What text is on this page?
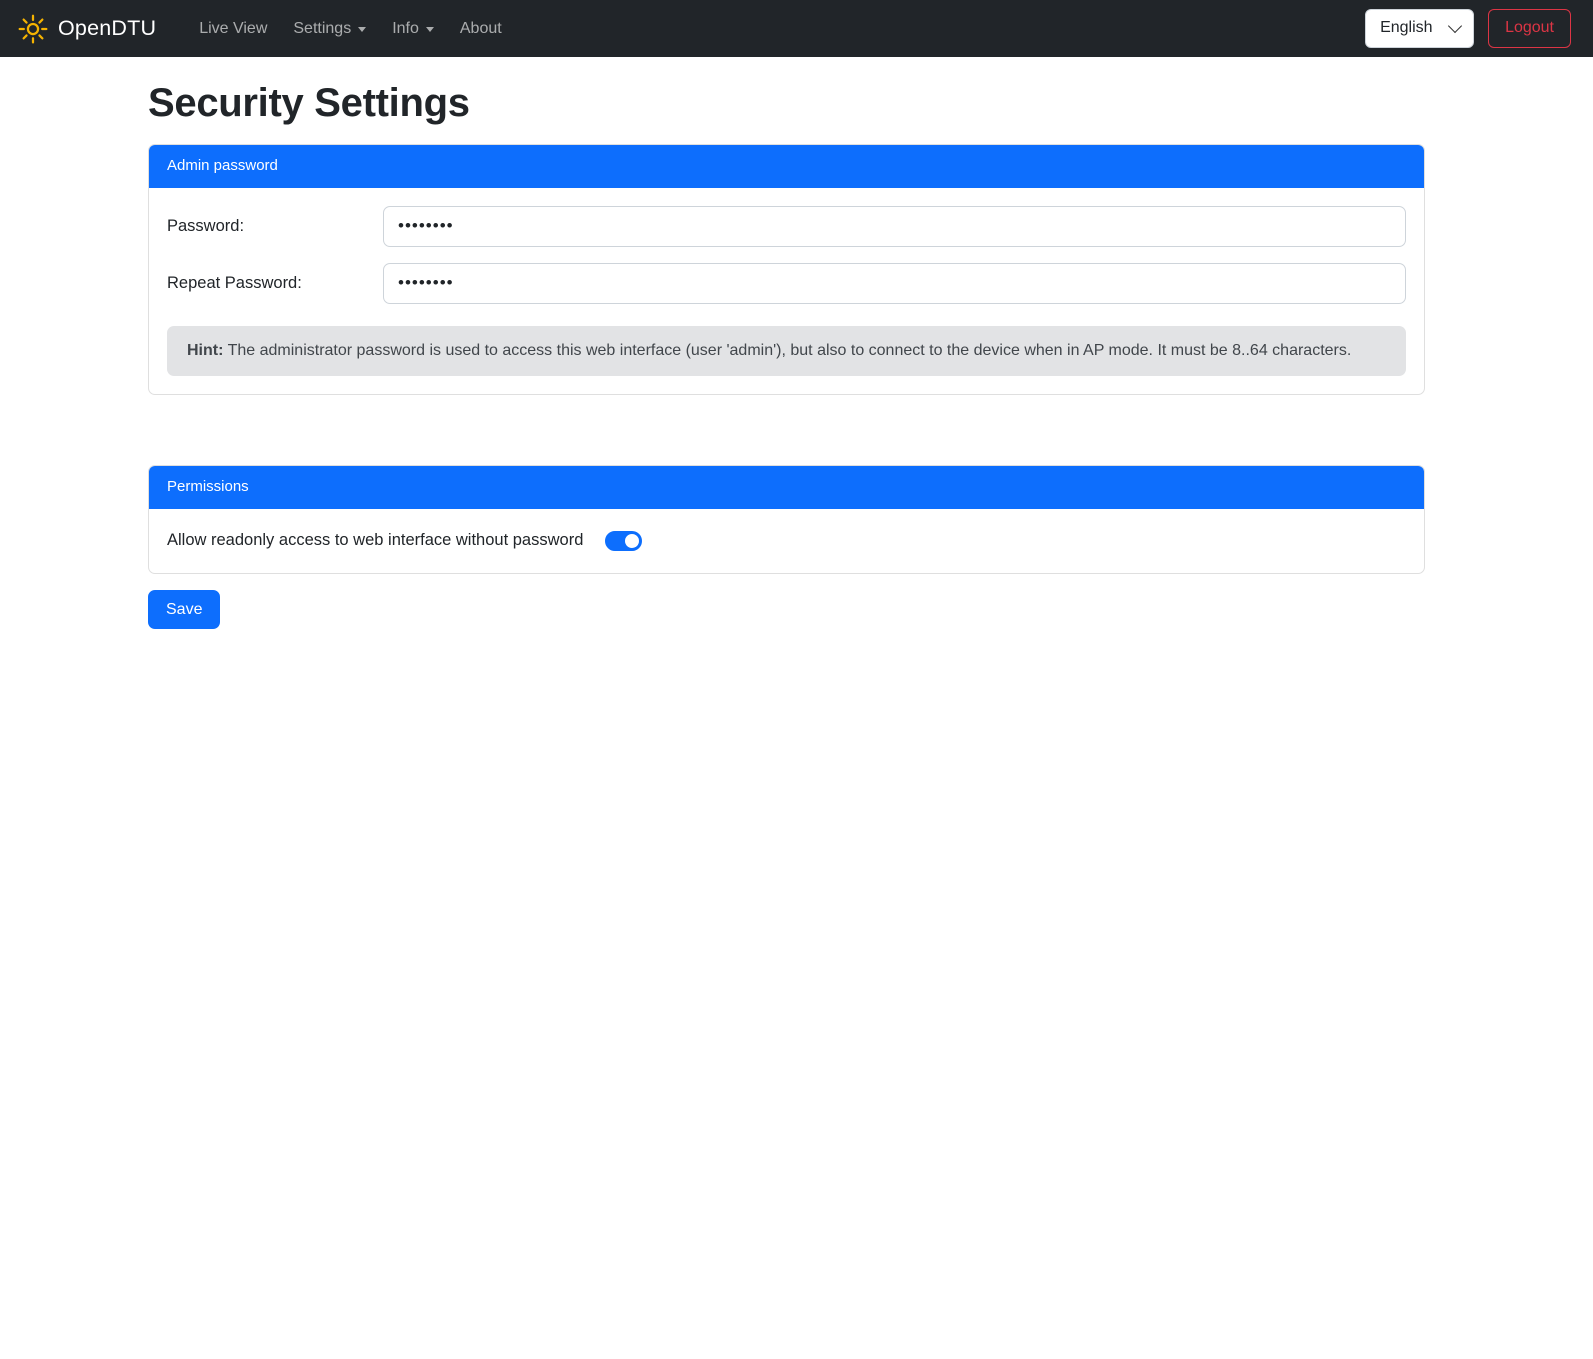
OpenDTU	Live View Settings	Info	About
English	Logout
Security Settings
Admin password
Password:
••••••••
Repeat Password:
••••••••
Hint: The administrator password is used to access this web interface (user 'admin'), but also to connect to the device when in AP mode. It must be 8..64 characters.
Permissions
Allow readonly access to web interface without password
Save
